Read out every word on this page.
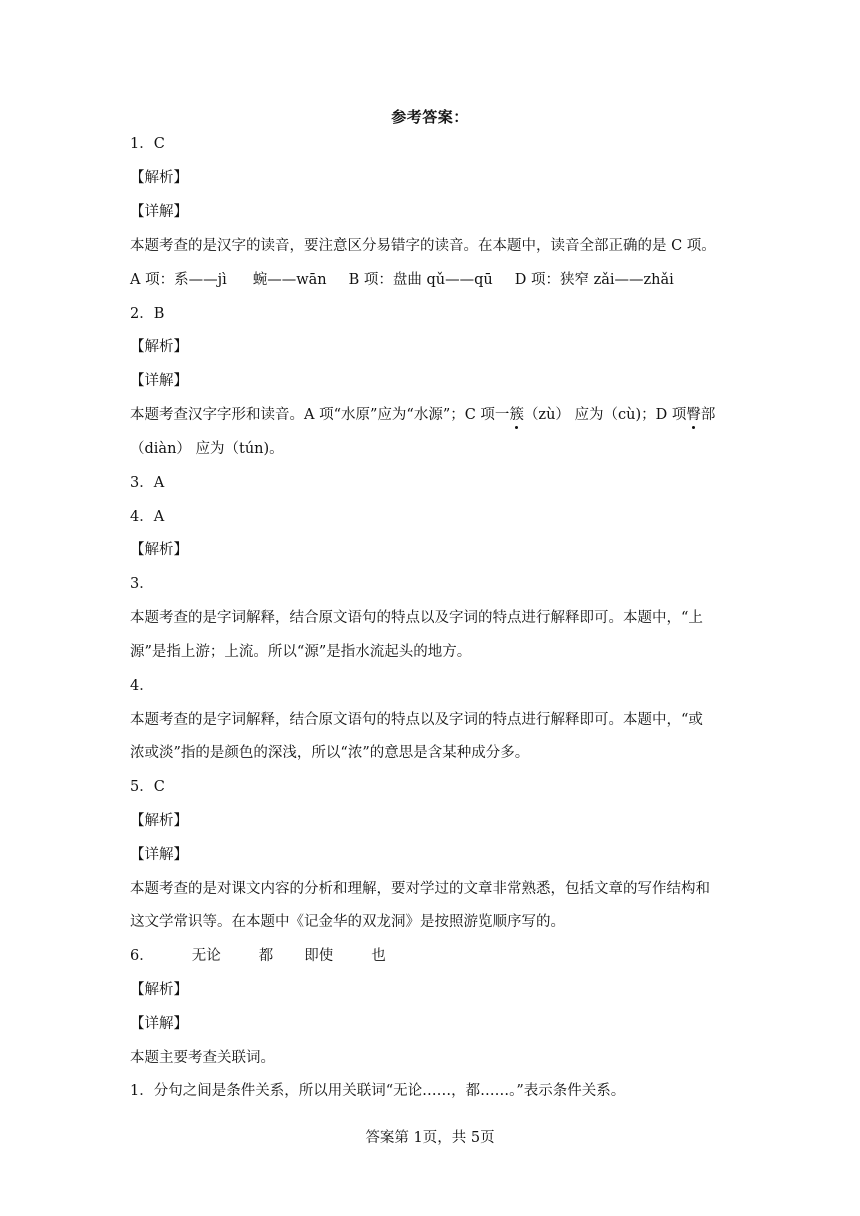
参考答案：
1．C
【解析】
【详解】
本题考查的是汉字的读音，要注意区分易错字的读音。在本题中，读音全部正确的是 C 项。
A 项：系——jì 蜿——wān B 项：盘曲 qǔ——qū D 项：狭窄 zǎi——zhǎi
2．B
【解析】
【详解】
本题考查汉字字形和读音。A 项“水原”应为“水源”；C 项一簇（zù） 应为（cù)；D 项臀部
（diàn） 应为（tún)。
3．A
4．A
【解析】
3．
本题考查的是字词解释，结合原文语句的特点以及字词的特点进行解释即可。本题中，“上
源”是指上游；上流。所以“源”是指水流起头的地方。
4．
本题考查的是字词解释，结合原文语句的特点以及字词的特点进行解释即可。本题中，“或
浓或淡”指的是颜色的深浅，所以“浓”的意思是含某种成分多。
5．C
【解析】
【详解】
本题考查的是对课文内容的分析和理解，要对学过的文章非常熟悉，包括文章的写作结构和
这文学常识等。在本题中《记金华的双龙洞》是按照游览顺序写的。
6．	无论	都 即使	也
【解析】
【详解】
本题主要考查关联词。
1．分句之间是条件关系，所以用关联词“无论……，都……。”表示条件关系。
答案第 1页，共 5页
